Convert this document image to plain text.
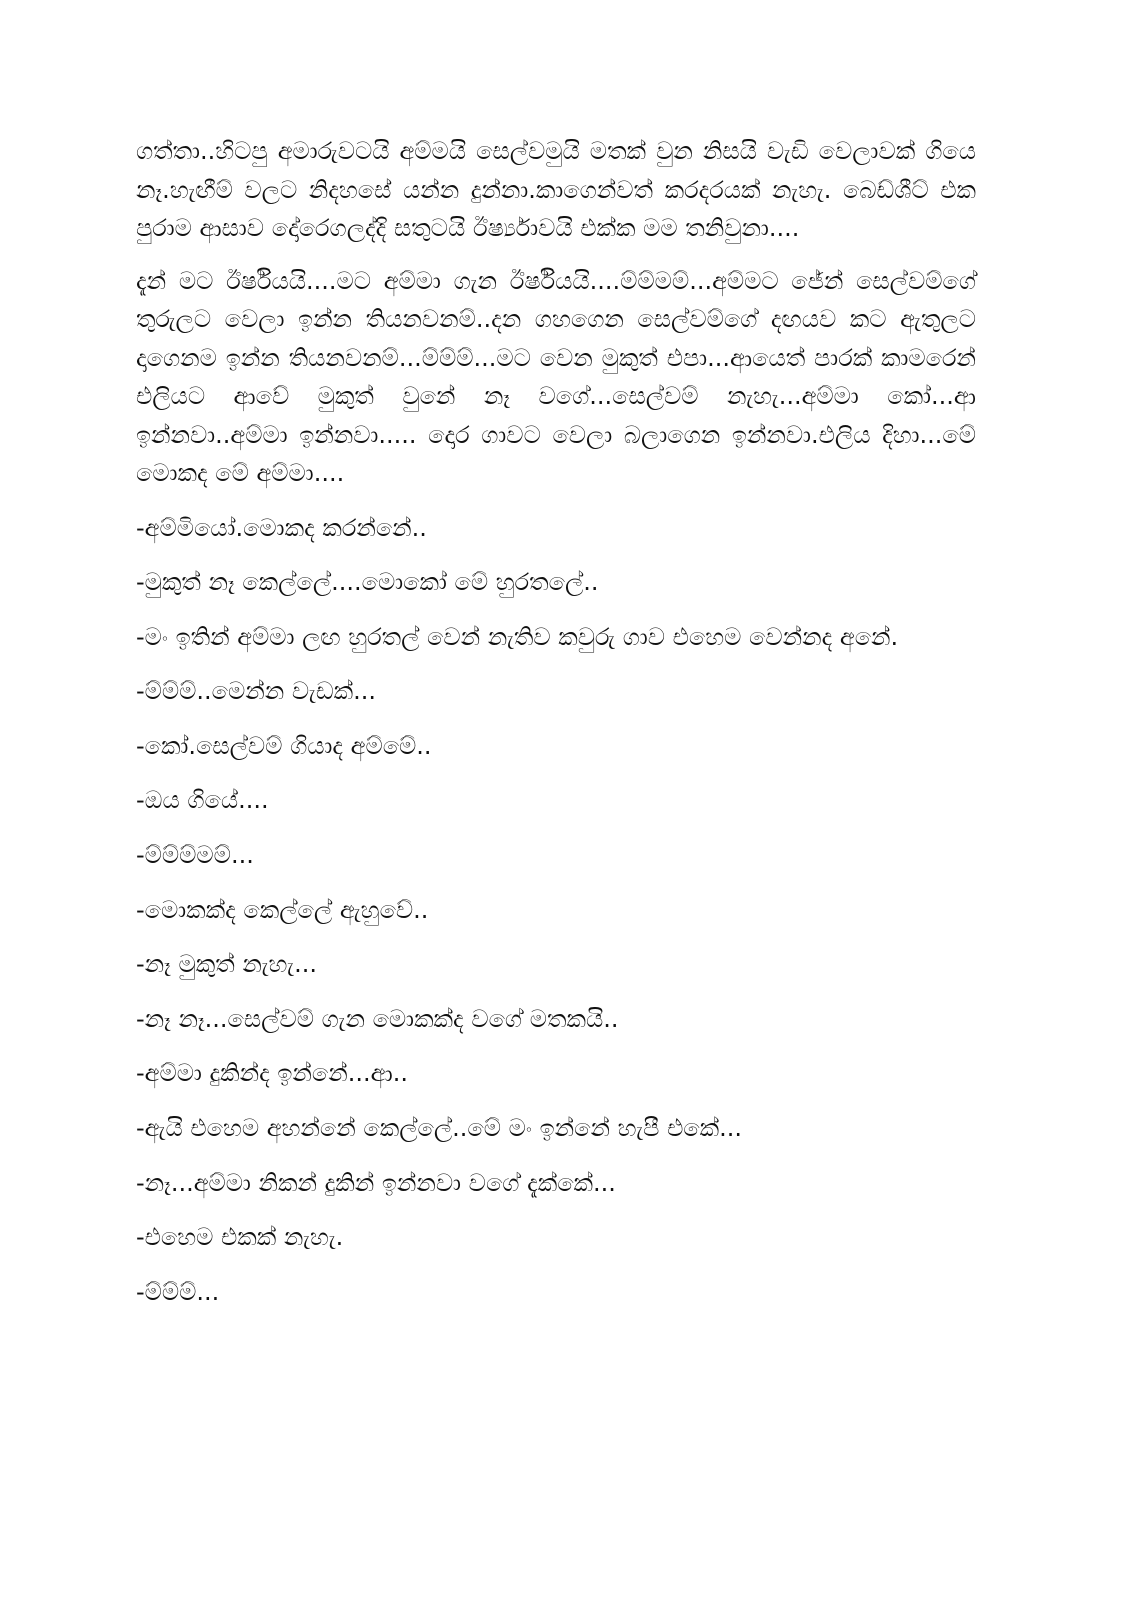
ගත්තා..හිටපු අමාරුවටයි අම්මයි සෙල්වමුයි මතක් වුන නිසයි වැඩි වෙලාවක් ගියෙ නෑ.හැඟීම් වලට නිදහසේ යන්න දුන්නා.කාගෙන්වත් කරදරයක් නැහැ. බෙඩ්ශීට් එක පුරාම ආසාව දෝරෙගලද්දි සතුටයි ඊර්ෂ්‍යාවයි එක්ක මම තනිවුනා....

දැන් මට ඊර්ෂියයි....මට අම්මා ගැන ඊර්ෂියයි....ම්ම්මම්...අම්මට ජේන් සෙල්වම්ගේ තුරුලට වෙලා ඉන්න තියනවනම්..දන ගහගෙන සෙල්වම්ගේ දඟයව කට ඇතුලට දාගෙනම ඉන්න තියනවනම්...ම්ම්ම්...මට වෙන මුකුත් එපා...ආයෙත් පාරක් කාමරෙන් එලියට ආවේ මුකුත් වුනේ නෑ වගේ...සෙල්වම් නැහැ...අම්මා කෝ...ආ ඉන්නවා..අම්මා ඉන්නවා..... දොර ගාවට වෙලා බලාගෙන ඉන්නවා.එලිය දිහා...මේ මොකද මේ අම්මා....

-අම්මියෝ.මොකද කරන්නේ..

-මුකුත් නෑ කෙල්ලේ....මොකෝ මේ හුරතලේ..

-මං ඉතින් අම්මා ලඟ හුරතල් වෙන් නැතිව කවුරු ගාව එහෙම වෙන්නද අනේ.

-ම්ම්ම්..මෙන්න වැඩක්...

-කෝ.සෙල්වම් ගියාද අම්මේ..

-ඔය ගියේ....

-ම්ම්ම්මම්...

-මොකක්ද කෙල්ලේ ඇහුවේ..

-නෑ මුකුත් නැහැ...

-නෑ නෑ...සෙල්වම් ගැන මොකක්ද වගේ මතකයි..

-අම්මා දුකින්ද ඉන්නේ...ආ..

-ඇයි එහෙම අහන්නේ කෙල්ලේ..මේ මං ඉන්නේ හැපී එකේ...

-නෑ...අම්මා නිකන් දුකින් ඉන්නවා වගේ දැක්කේ...

-එහෙම එකක් නැහැ.

-ම්ම්ම්...
